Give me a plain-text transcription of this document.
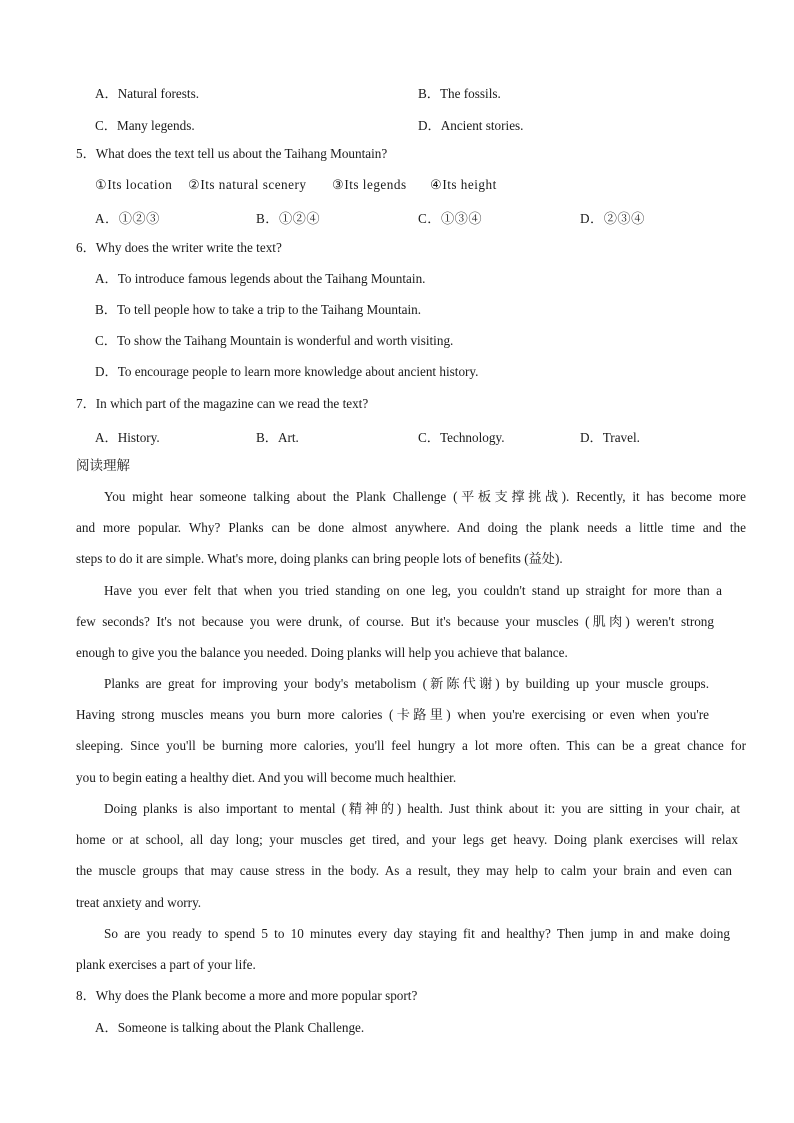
A．Natural forests.	B．The fossils.
C．Many legends.	D．Ancient stories.
5．What does the text tell us about the Taihang Mountain?
①Its location ②Its natural scenery ③Its legends ④Its height
A．①②③	B．①②④	C．①③④	D．②③④
6．Why does the writer write the text?
A．To introduce famous legends about the Taihang Mountain.
B．To tell people how to take a trip to the Taihang Mountain.
C．To show the Taihang Mountain is wonderful and worth visiting.
D．To encourage people to learn more knowledge about ancient history.
7．In which part of the magazine can we read the text?
A．History.	B．Art.	C．Technology.	D．Travel.
阅读理解
You might hear someone talking about the Plank Challenge (平板支撑挑战). Recently, it has become more
and more popular. Why? Planks can be done almost anywhere. And doing the plank needs a little time and the
steps to do it are simple. What's more, doing planks can bring people lots of benefits (益处).
Have you ever felt that when you tried standing on one leg, you couldn't stand up straight for more than a
few seconds? It's not because you were drunk, of course. But it's because your muscles (肌肉) weren't strong
enough to give you the balance you needed. Doing planks will help you achieve that balance.
Planks are great for improving your body's metabolism (新陈代谢) by building up your muscle groups.
Having strong muscles means you burn more calories (卡路里) when you're exercising or even when you're
sleeping. Since you'll be burning more calories, you'll feel hungry a lot more often. This can be a great chance for
you to begin eating a healthy diet. And you will become much healthier.
Doing planks is also important to mental (精神的) health. Just think about it: you are sitting in your chair, at
home or at school, all day long; your muscles get tired, and your legs get heavy. Doing plank exercises will relax
the muscle groups that may cause stress in the body. As a result, they may help to calm your brain and even can
treat anxiety and worry.
So are you ready to spend 5 to 10 minutes every day staying fit and healthy? Then jump in and make doing
plank exercises a part of your life.
8．Why does the Plank become a more and more popular sport?
A．Someone is talking about the Plank Challenge.
